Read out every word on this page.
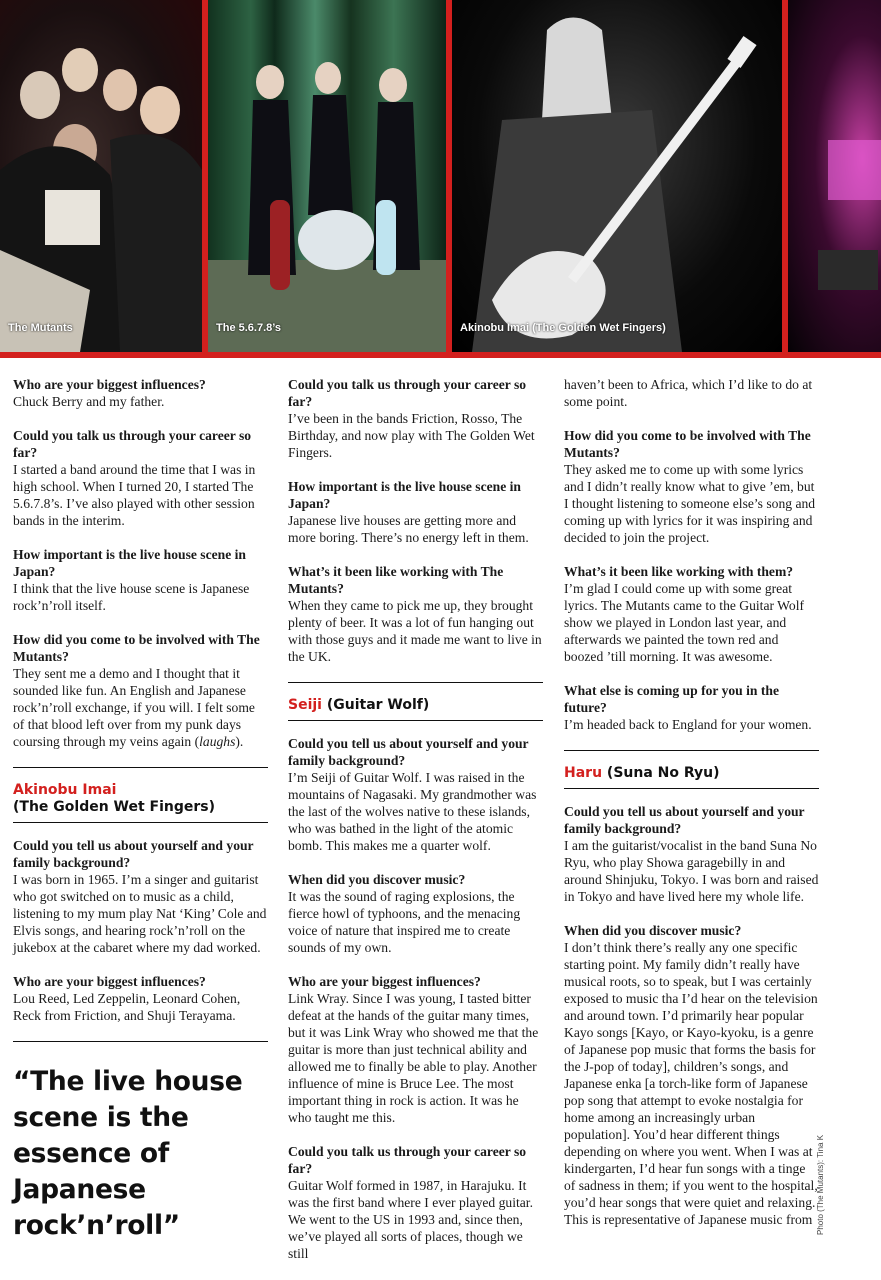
The Mutants	The 5.6.7.8’s	Akinobu Imai (The Golden Wet Fingers)

Who are your biggest influences?

Chuck Berry and my father.

Could you talk us through your career so far?

I started a band around the time that I was in high school. When I turned 20, I started The 5.6.7.8’s. I’ve also played with other session bands in the interim.

How important is the live house scene in Japan?

I think that the live house scene is Japanese rock’n’roll itself.

How did you come to be involved with The Mutants?

They sent me a demo and I thought that it sounded like fun. An English and Japanese rock’n’roll exchange, if you will. I felt some of that blood left over from my punk days coursing through my veins again (laughs).

Akinobu Imai
(The Golden Wet Fingers)

Could you tell us about yourself and your family background?

I was born in 1965. I’m a singer and guitarist who got switched on to music as a child, listening to my mum play Nat ‘King’ Cole and Elvis songs, and hearing rock’n’roll on the jukebox at the cabaret where my dad worked.

Who are your biggest influences?

Lou Reed, Led Zeppelin, Leonard Cohen, Reck from Friction, and Shuji Terayama.

“The live house scene is the essence of Japanese rock’n’roll”

Could you talk us through your career so far?

I’ve been in the bands Friction, Rosso, The Birthday, and now play with The Golden Wet Fingers.

How important is the live house scene in Japan?

Japanese live houses are getting more and more boring. There’s no energy left in them.

What’s it been like working with The Mutants?

When they came to pick me up, they brought plenty of beer. It was a lot of fun hanging out with those guys and it made me want to live in the UK.

Seiji (Guitar Wolf)

Could you tell us about yourself and your family background?

I’m Seiji of Guitar Wolf. I was raised in the mountains of Nagasaki. My grandmother was the last of the wolves native to these islands, who was bathed in the light of the atomic bomb. This makes me a quarter wolf.

When did you discover music?

It was the sound of raging explosions, the fierce howl of typhoons, and the menacing voice of nature that inspired me to create sounds of my own.

Who are your biggest influences?

Link Wray. Since I was young, I tasted bitter defeat at the hands of the guitar many times, but it was Link Wray who showed me that the guitar is more than just technical ability and allowed me to finally be able to play. Another influence of mine is Bruce Lee. The most important thing in rock is action. It was he who taught me this.

Could you talk us through your career so far?

Guitar Wolf formed in 1987, in Harajuku. It was the first band where I ever played guitar. We went to the US in 1993 and, since then, we’ve played all sorts of places, though we still

haven’t been to Africa, which I’d like to do at some point.

How did you come to be involved with The Mutants?

They asked me to come up with some lyrics and I didn’t really know what to give ’em, but I thought listening to someone else’s song and coming up with lyrics for it was inspiring and decided to join the project.

What’s it been like working with them?

I’m glad I could come up with some great lyrics. The Mutants came to the Guitar Wolf show we played in London last year, and afterwards we painted the town red and boozed ’till morning. It was awesome.

What else is coming up for you in the future?

I’m headed back to England for your women.

Haru (Suna No Ryu)

Could you tell us about yourself and your family background?

I am the guitarist/vocalist in the band Suna No Ryu, who play Showa garagebilly in and around Shinjuku, Tokyo. I was born and raised in Tokyo and have lived here my whole life.

When did you discover music?

I don’t think there’s really any one specific starting point. My family didn’t really have musical roots, so to speak, but I was certainly exposed to music tha I’d hear on the television and around town. I’d primarily hear popular Kayo songs [Kayo, or Kayo-kyoku, is a genre of Japanese pop music that forms the basis for the J-pop of today], children’s songs, and Japanese enka [a torch-like form of Japanese pop song that attempt to evoke nostalgia for home among an increasingly urban population]. You’d hear different things depending on where you went. When I was at kindergarten, I’d hear fun songs with a tinge of sadness in them; if you went to the hospital, you’d hear songs that were quiet and relaxing. This is representative of Japanese music from Photo (The Mutants): Tina K
